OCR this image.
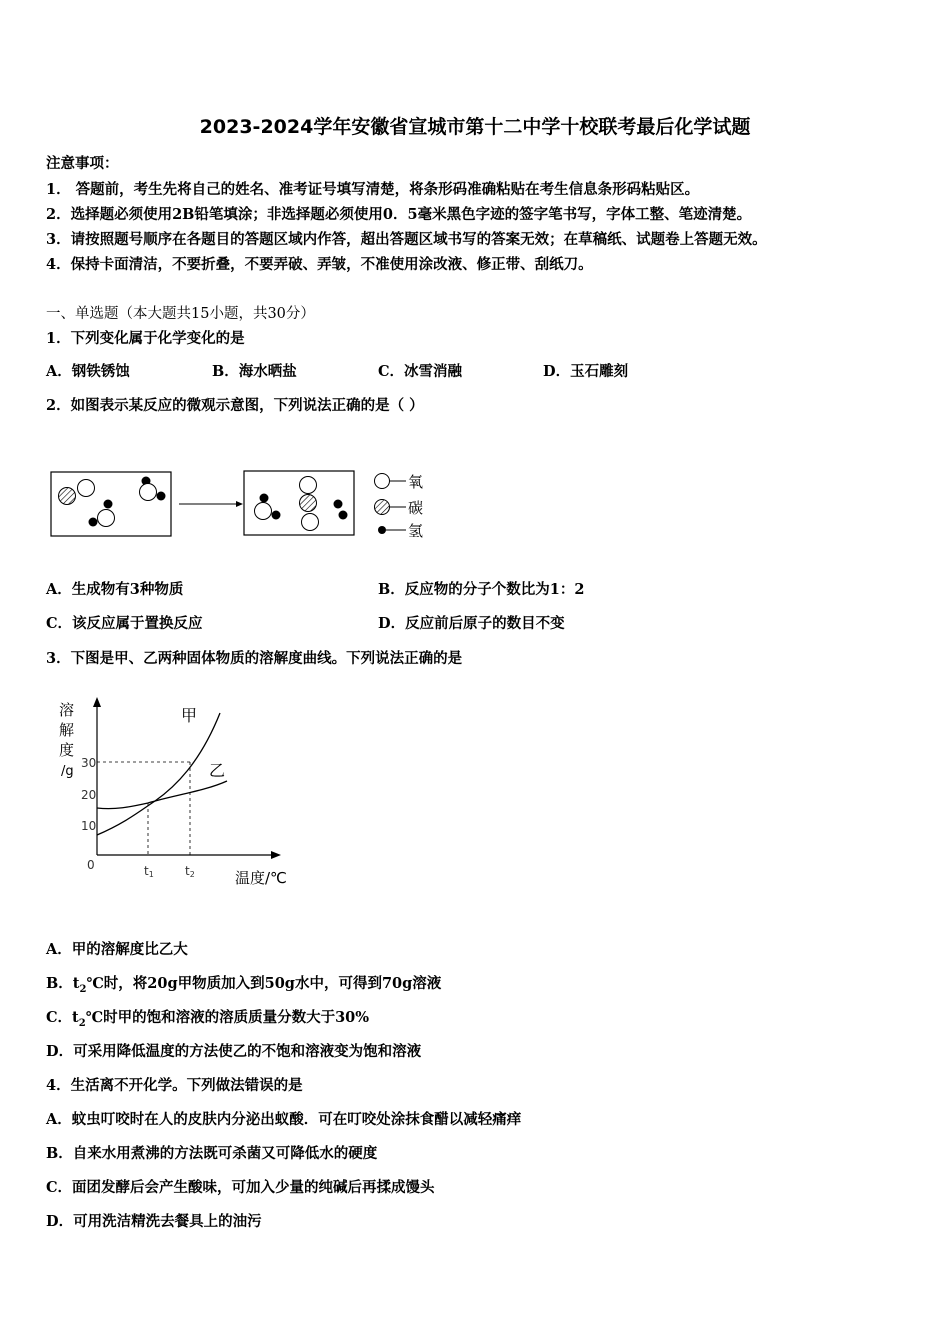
2023-2024学年安徽省宣城市第十二中学十校联考最后化学试题
注意事项：
1． 答题前，考生先将自己的姓名、准考证号填写清楚，将条形码准确粘贴在考生信息条形码粘贴区。
2．选择题必须使用2B铅笔填涂；非选择题必须使用0．5毫米黑色字迹的签字笔书写，字体工整、笔迹清楚。
3．请按照题号顺序在各题目的答题区域内作答，超出答题区域书写的答案无效；在草稿纸、试题卷上答题无效。
4．保持卡面清洁，不要折叠，不要弄破、弄皱，不准使用涂改液、修正带、刮纸刀。
一、单选题（本大题共15小题，共30分）
1．下列变化属于化学变化的是
A．钢铁锈蚀	B．海水晒盐	C．冰雪消融	D．玉石雕刻
2．如图表示某反应的微观示意图，下列说法正确的是（ ）
氧
碳
氢
A．生成物有3种物质	B．反应物的分子个数比为1：2
C．该反应属于置换反应	D．反应前后原子的数目不变
3．下图是甲、乙两种固体物质的溶解度曲线。下列说法正确的是
溶
解
度
/g
30
20
10
0
甲
乙
t1	t2	温度/℃
A．甲的溶解度比乙大
B．$t_2℃$时，将20g甲物质加入到50g水中，可得到70g溶液
C．$t_2℃$时甲的饱和溶液的溶质质量分数大于30%
D．可采用降低温度的方法使乙的不饱和溶液变为饱和溶液
4．生活离不开化学。下列做法错误的是
A．蚊虫叮咬时在人的皮肤内分泌出蚁酸．可在叮咬处涂抹食醋以减轻痛痒
B．自来水用煮沸的方法既可杀菌又可降低水的硬度
C．面团发酵后会产生酸味，可加入少量的纯碱后再揉成馒头
D．可用洗洁精洗去餐具上的油污
